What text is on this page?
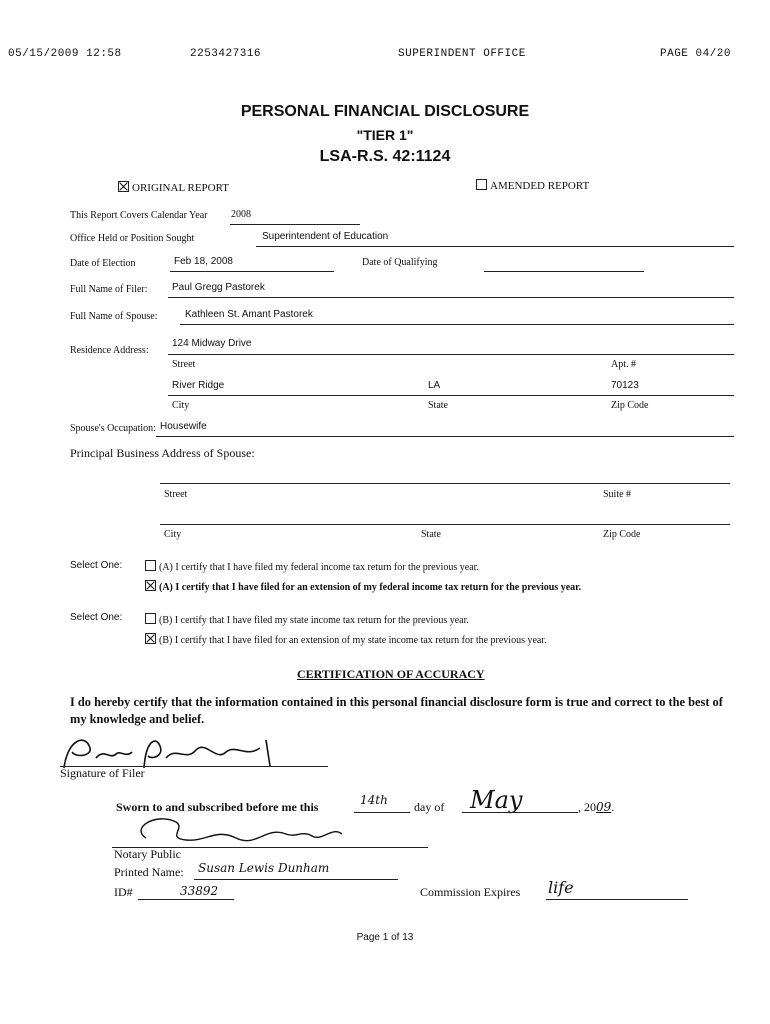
05/15/2009 12:58	2253427316	SUPERINDENT OFFICE	PAGE 04/20
PERSONAL FINANCIAL DISCLOSURE
"TIER 1"
LSA-R.S. 42:1124
ORIGINAL REPORT	AMENDED REPORT
This Report Covers Calendar Year 2008
Office Held or Position Sought	Superintendent of Education
Date of Election	Feb 18, 2008	Date of Qualifying
Full Name of Filer: Paul Gregg Pastorek
Full Name of Spouse:	Kathleen St. Amant Pastorek
Residence Address:
124 Midway Drive
Street	Apt. #
River Ridge	LA	70123
City	State	Zip Code
Spouse's Occupation: Housewife
Principal Business Address of Spouse:
Street	Suite #
City	State	Zip Code
Select One:	(A) I certify that I have filed my federal income tax return for the previous year.
(A) I certify that I have filed for an extension of my federal income tax return for the previous year.
Select One:	(B) I certify that I have filed my state income tax return for the previous year.
(B) I certify that I have filed for an extension of my state income tax return for the previous year.
CERTIFICATION OF ACCURACY
I do hereby certify that the information contained in this personal financial disclosure form is true and correct to the best of my knowledge and belief.
Signature of Filer
Sworn to and subscribed before me this	14th day of May	, 2009.
Notary Public
Printed Name: Susan Lewis Dunham
ID#	33892	Commission Expires life
Page 1 of 13
